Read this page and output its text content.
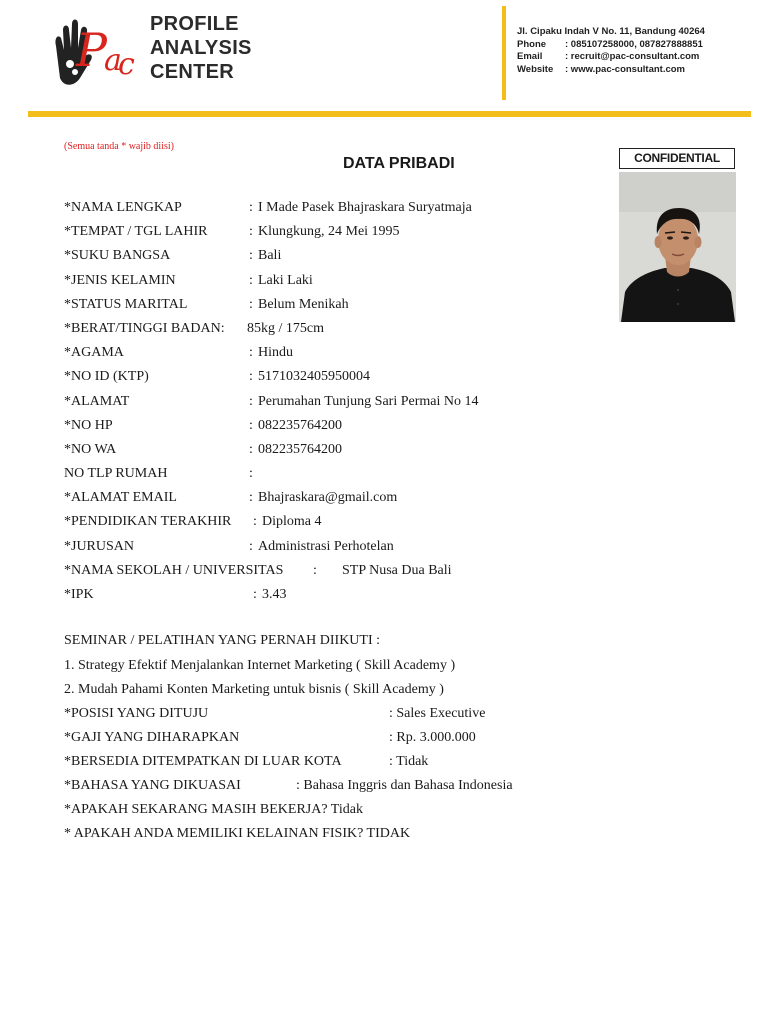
P
a
c
PROFILE
ANALYSIS
CENTER
Jl. Cipaku Indah V No. 11, Bandung 40264
Phone	: 085107258000, 087827888851
Email	: recruit@pac-consultant.com
Website	: www.pac-consultant.com
(Semua tanda * wajib diisi)
DATA PRIBADI	CONFIDENTIAL
*NAMA LENGKAP	: I Made Pasek Bhajraskara Suryatmaja
*TEMPAT / TGL LAHIR	: Klungkung, 24 Mei 1995
*SUKU BANGSA	: Bali
*JENIS KELAMIN	: Laki Laki
*STATUS MARITAL	: Belum Menikah
*BERAT/TINGGI BADAN: 85kg / 175cm
*AGAMA	: Hindu
*NO ID (KTP)	: 5171032405950004
*ALAMAT	: Perumahan Tunjung Sari Permai No 14
*NO HP	: 082235764200
*NO WA	: 082235764200
NO TLP RUMAH	:
*ALAMAT EMAIL	: Bhajraskara@gmail.com
*PENDIDIKAN TERAKHIR : Diploma 4
*JURUSAN	: Administrasi Perhotelan
*NAMA SEKOLAH / UNIVERSITAS : STP Nusa Dua Bali
*IPK	: 3.43
SEMINAR / PELATIHAN YANG PERNAH DIIKUTI :
1. Strategy Efektif Menjalankan Internet Marketing ( Skill Academy )
2. Mudah Pahami Konten Marketing untuk bisnis ( Skill Academy )
*POSISI YANG DITUJU	: Sales Executive
*GAJI YANG DIHARAPKAN	: Rp. 3.000.000
*BERSEDIA DITEMPATKAN DI LUAR KOTA	: Tidak
*BAHASA YANG DIKUASAI	: Bahasa Inggris dan Bahasa Indonesia
*APAKAH SEKARANG MASIH BEKERJA? Tidak
* APAKAH ANDA MEMILIKI KELAINAN FISIK? TIDAK
